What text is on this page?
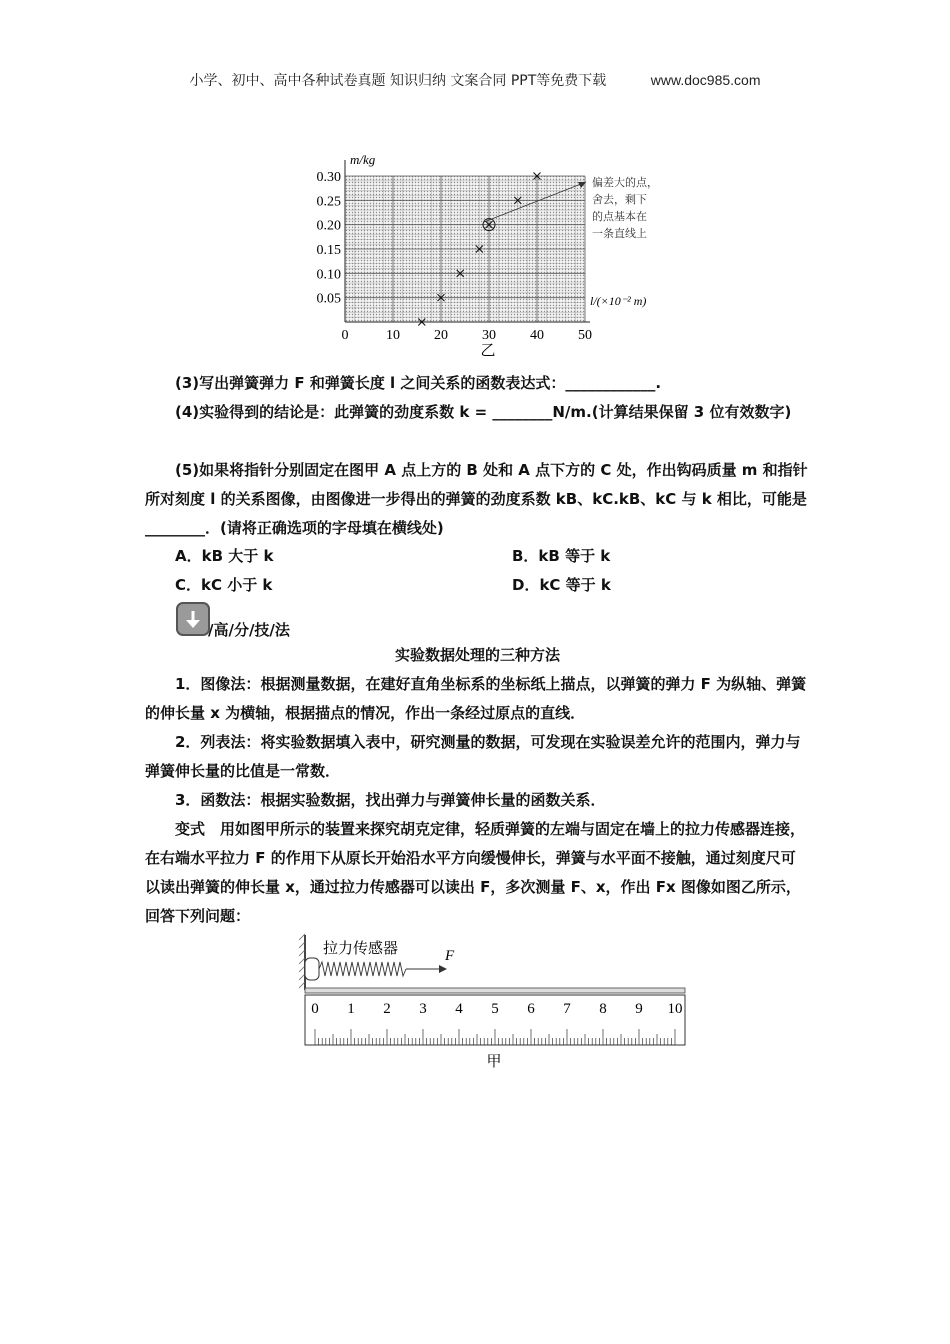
小学、初中、高中各种试卷真题 知识归纳 文案合同 PPT等免费下载	www.doc985.com
m/kg
l/(×10⁻² m)
0	10 20 30 40 50
0.05
0.10
0.15
0.20
0.25
0.30	偏差大的点，
舍去，剩下
的点基本在
一条直线上
乙
(3)写出弹簧弹力 F 和弹簧长度 l 之间关系的函数表达式：____________.
(4)实验得到的结论是：此弹簧的劲度系数 k = ________N/m.(计算结果保留 3 位有效数字)
(5)如果将指针分别固定在图甲 A 点上方的 B 处和 A 点下方的 C 处，作出钩码质量 m 和指针所对刻度 l 的关系图像，由图像进一步得出的弹簧的劲度系数 kB、kC.kB、kC 与 k 相比，可能是________．(请将正确选项的字母填在横线处)
A．kB 大于 k	B．kB 等于 k
C．kC 小于 k	D．kC 等于 k
/高/分/技/法
实验数据处理的三种方法
1．图像法：根据测量数据，在建好直角坐标系的坐标纸上描点，以弹簧的弹力 F 为纵轴、弹簧的伸长量 x 为横轴，根据描点的情况，作出一条经过原点的直线．
2．列表法：将实验数据填入表中，研究测量的数据，可发现在实验误差允许的范围内，弹力与弹簧伸长量的比值是一常数．
3．函数法：根据实验数据，找出弹力与弹簧伸长量的函数关系．
变式　用如图甲所示的装置来探究胡克定律，轻质弹簧的左端与固定在墙上的拉力传感器连接，在右端水平拉力 F 的作用下从原长开始沿水平方向缓慢伸长，弹簧与水平面不接触，通过刻度尺可以读出弹簧的伸长量 x，通过拉力传感器可以读出 F，多次测量 F、x，作出 Fx 图像如图乙所示，回答下列问题：
拉力传感器	F
0 1 2 3 4 5 6 7 8 9 10
甲
